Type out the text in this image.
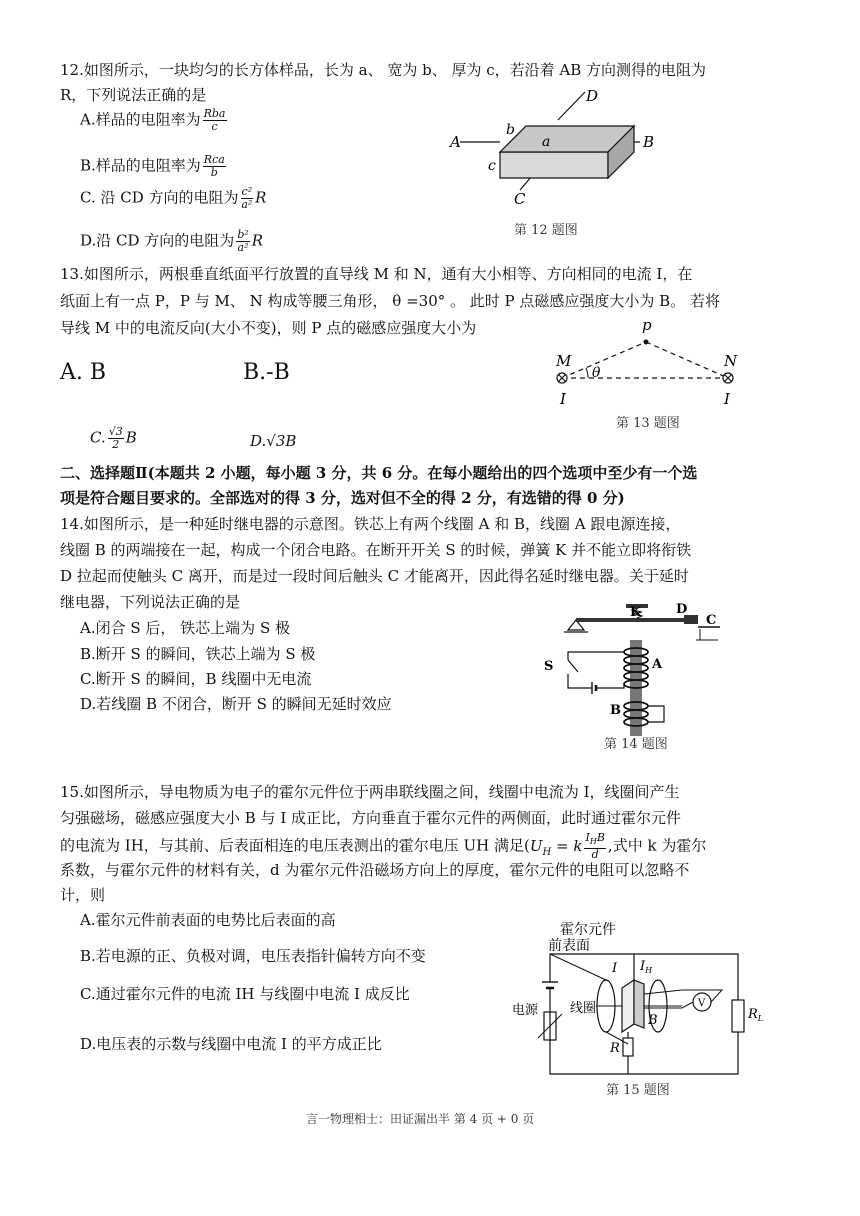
12.如图所示，一块均匀的长方体样品，长为 a、 宽为 b、 厚为 c，若沿着 AB 方向测得的电阻为
R，下列说法正确的是
A.样品的电阻率为 $\frac{\text{Rba}}{c}$
B.样品的电阻率为 $\frac{\text{Rca}}{b}$
C. 沿 CD 方向的电阻为 $\frac{\text{c²}}{\text{a²}}$ R
D.沿 CD 方向的电阻为 $\frac{\text{b²}}{\text{a²}}$ R
A	B
D
C
a
b
c
第 12 题图
13.如图所示，两根垂直纸面平行放置的直导线 M 和 N，通有大小相等、方向相同的电流 I，在
纸面上有一点 P，P 与 M、 N 构成等腰三角形， θ =30° 。 此时 P 点磁感应强度大小为 B。 若将
导线 M 中的电流反向(大小不变)，则 P 点的磁感应强度大小为
A. B	B.-B
C. $\frac{√3}{2}$ B	D.√3B
p
M	N
θ
I	I
第 13 题图
二、选择题Ⅱ(本题共 2 小题，每小题 3 分，共 6 分。在每小题给出的四个选项中至少有一个选
项是符合题目要求的。全部选对的得 3 分，选对但不全的得 2 分，有选错的得 0 分)
14.如图所示，是一种延时继电器的示意图。铁芯上有两个线圈 A 和 B，线圈 A 跟电源连接，
线圈 B 的两端接在一起，构成一个闭合电路。在断开开关 S 的时候，弹簧 K 并不能立即将衔铁
D 拉起而使触头 C 离开，而是过一段时间后触头 C 才能离开，因此得名延时继电器。关于延时
继电器，下列说法正确的是
A.闭合 S 后， 铁芯上端为 S 极
B.断开 S 的瞬间，铁芯上端为 S 极
C.断开 S 的瞬间，B 线圈中无电流
D.若线圈 B 不闭合，断开 S 的瞬间无延时效应
K	D
C
S	A
B
第 14 题图
15.如图所示，导电物质为电子的霍尔元件位于两串联线圈之间，线圈中电流为 I，线圈间产生
匀强磁场，磁感应强度大小 B 与 I 成正比，方向垂直于霍尔元件的两侧面，此时通过霍尔元件
的电流为 IH，与其前、后表面相连的电压表测出的霍尔电压 UH 满足($U_H = k \frac{I_HB}{d}$ ,式中 k 为霍尔
系数，与霍尔元件的材料有关，d 为霍尔元件沿磁场方向上的厚度，霍尔元件的电阻可以忽略不
计，则
A.霍尔元件前表面的电势比后表面的高
B.若电源的正、负极对调，电压表指针偏转方向不变
C.通过霍尔元件的电流 IH 与线圈中电流 I 成反比
D.电压表的示数与线圈中电流 I 的平方成正比
霍尔元件
前表面
线圈
电源
I $I_H$
B
V
R
$R_L$
第 15 题图
言一物理相士：田证漏出半 第 4 页 + 0 页
